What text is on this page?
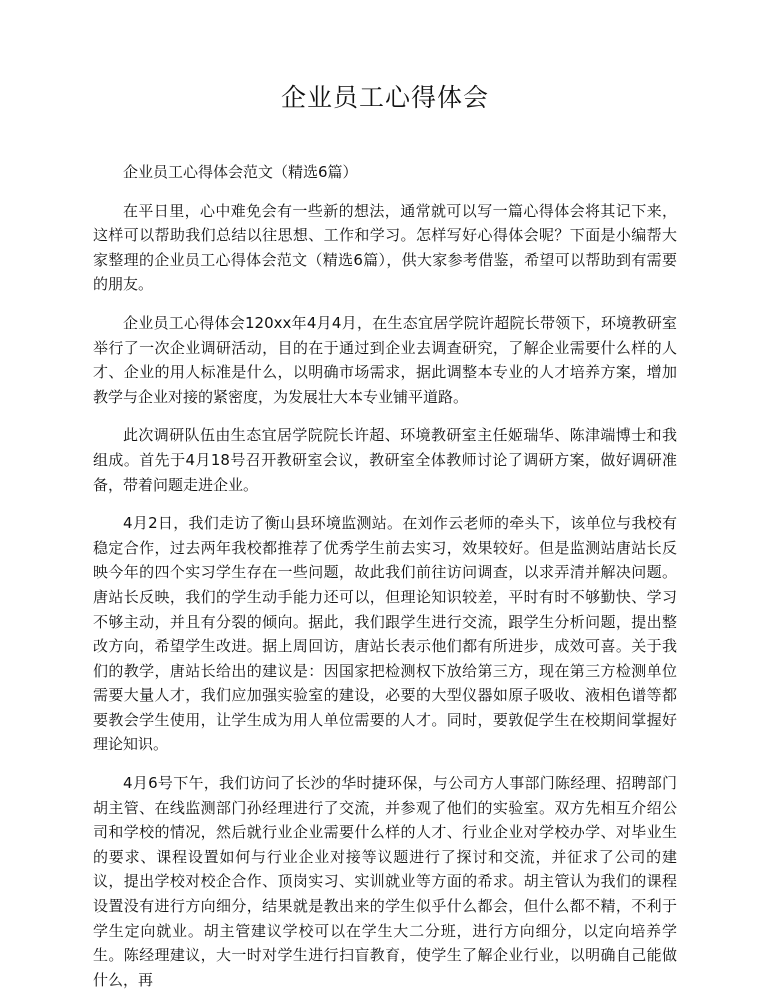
企业员工心得体会

企业员工心得体会范文（精选6篇）

在平日里，心中难免会有一些新的想法，通常就可以写一篇心得体会将其记下来，这样可以帮助我们总结以往思想、工作和学习。怎样写好心得体会呢？下面是小编帮大家整理的企业员工心得体会范文（精选6篇），供大家参考借鉴，希望可以帮助到有需要的朋友。

企业员工心得体会120xx年4月4月，在生态宜居学院许超院长带领下，环境教研室举行了一次企业调研活动，目的在于通过到企业去调查研究，了解企业需要什么样的人才、企业的用人标准是什么，以明确市场需求，据此调整本专业的人才培养方案，增加教学与企业对接的紧密度，为发展壮大本专业铺平道路。

此次调研队伍由生态宜居学院院长许超、环境教研室主任姬瑞华、陈津端博士和我组成。首先于4月18号召开教研室会议，教研室全体教师讨论了调研方案，做好调研准备，带着问题走进企业。

4月2日，我们走访了衡山县环境监测站。在刘作云老师的牵头下，该单位与我校有稳定合作，过去两年我校都推荐了优秀学生前去实习，效果较好。但是监测站唐站长反映今年的四个实习学生存在一些问题，故此我们前往访问调查，以求弄清并解决问题。唐站长反映，我们的学生动手能力还可以，但理论知识较差，平时有时不够勤快、学习不够主动，并且有分裂的倾向。据此，我们跟学生进行交流，跟学生分析问题，提出整改方向，希望学生改进。据上周回访，唐站长表示他们都有所进步，成效可喜。关于我们的教学，唐站长给出的建议是：因国家把检测权下放给第三方，现在第三方检测单位需要大量人才，我们应加强实验室的建设，必要的大型仪器如原子吸收、液相色谱等都要教会学生使用，让学生成为用人单位需要的人才。同时，要敦促学生在校期间掌握好理论知识。

4月6号下午，我们访问了长沙的华时捷环保，与公司方人事部门陈经理、招聘部门胡主管、在线监测部门孙经理进行了交流，并参观了他们的实验室。双方先相互介绍公司和学校的情况，然后就行业企业需要什么样的人才、行业企业对学校办学、对毕业生的要求、课程设置如何与行业企业对接等议题进行了探讨和交流，并征求了公司的建议，提出学校对校企合作、顶岗实习、实训就业等方面的希求。胡主管认为我们的课程设置没有进行方向细分，结果就是教出来的学生似乎什么都会，但什么都不精，不利于学生定向就业。胡主管建议学校可以在学生大二分班，进行方向细分，以定向培养学生。陈经理建议，大一时对学生进行扫盲教育，使学生了解企业行业，以明确自己能做什么，再
